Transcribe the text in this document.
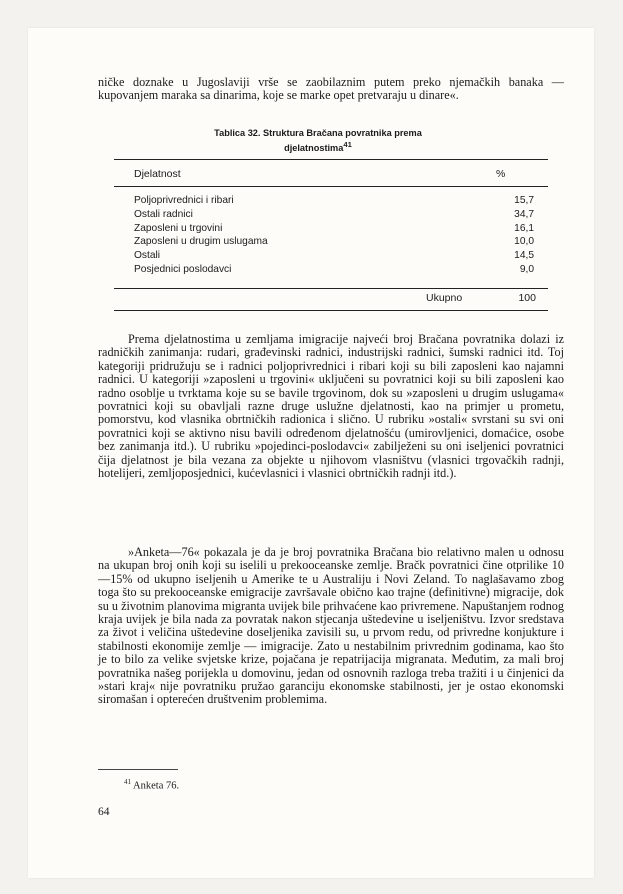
ničke doznake u Jugoslaviji vrše se zaobilaznim putem preko njemačkih banaka — kupovanjem maraka sa dinarima, koje se marke opet pretvaraju u dinare«.

Tablica 32. Struktura Bračana povratnika prema
djelatnostima$^{41}$
Djelatnost	%
Poljoprivrednici i ribari	15,7
Ostali radnici	34,7
Zaposleni u trgovini	16,1
Zaposleni u drugim uslugama	10,0
Ostali	14,5
Posjednici poslodavci	9,0
Ukupno	100

Prema djelatnostima u zemljama imigracije najveći broj Bračana povratnika dolazi iz radničkih zanimanja: rudari, građevinski radnici, industrijski radnici, šumski radnici itd. Toj kategoriji pridružuju se i radnici poljoprivrednici i ribari koji su bili zaposleni kao najamni radnici. U kategoriji »zaposleni u trgovini« uključeni su povratnici koji su bili zaposleni kao radno osoblje u tvrktama koje su se bavile trgovinom, dok su »zaposleni u drugim uslugama« povratnici koji su obavljali razne druge uslužne djelatnosti, kao na primjer u prometu, pomorstvu, kod vlasnika obrtničkih radionica i slično. U rubriku »ostali« svrstani su svi oni povratnici koji se aktivno nisu bavili određenom djelatnošću (umirovljenici, domaćice, osobe bez zanimanja itd.). U rubriku »pojedinci-poslodavci« zabilježeni su oni iseljenici povratnici čija djelatnost je bila vezana za objekte u njihovom vlasništvu (vlasnici trgovačkih radnji, hotelijeri, zemljoposjednici, kućevlasnici i vlasnici obrtničkih radnji itd.).

»Anketa—76« pokazala je da je broj povratnika Bračana bio relativno malen u odnosu na ukupan broj onih koji su iselili u prekooceanske zemlje. Bračk povratnici čine otprilike 10—15% od ukupno iseljenih u Amerike te u Australiju i Novi Zeland. To naglašavamo zbog toga što su prekooceanske emigracije završavale obično kao trajne (definitivne) migracije, dok su u životnim planovima migranta uvijek bile prihvaćene kao privremene. Napuštanjem rodnog kraja uvijek je bila nada za povratak nakon stjecanja uštedevine u iseljeništvu. Izvor sredstava za život i veličina uštedevine doseljenika zavisili su, u prvom redu, od privredne konjukture i stabilnosti ekonomije zemlje — imigracije. Zato u nestabilnim privrednim godinama, kao što je to bilo za velike svjetske krize, pojačana je repatrijacija migranata. Međutim, za mali broj povratnika našeg porijekla u domovinu, jedan od osnovnih razloga treba tražiti i u činjenici da »stari kraj« nije povratniku pružao garanciju ekonomske stabilnosti, jer je ostao ekonomski siromašan i opterećen društvenim problemima.

$^{41}$ Anketa 76.
64
